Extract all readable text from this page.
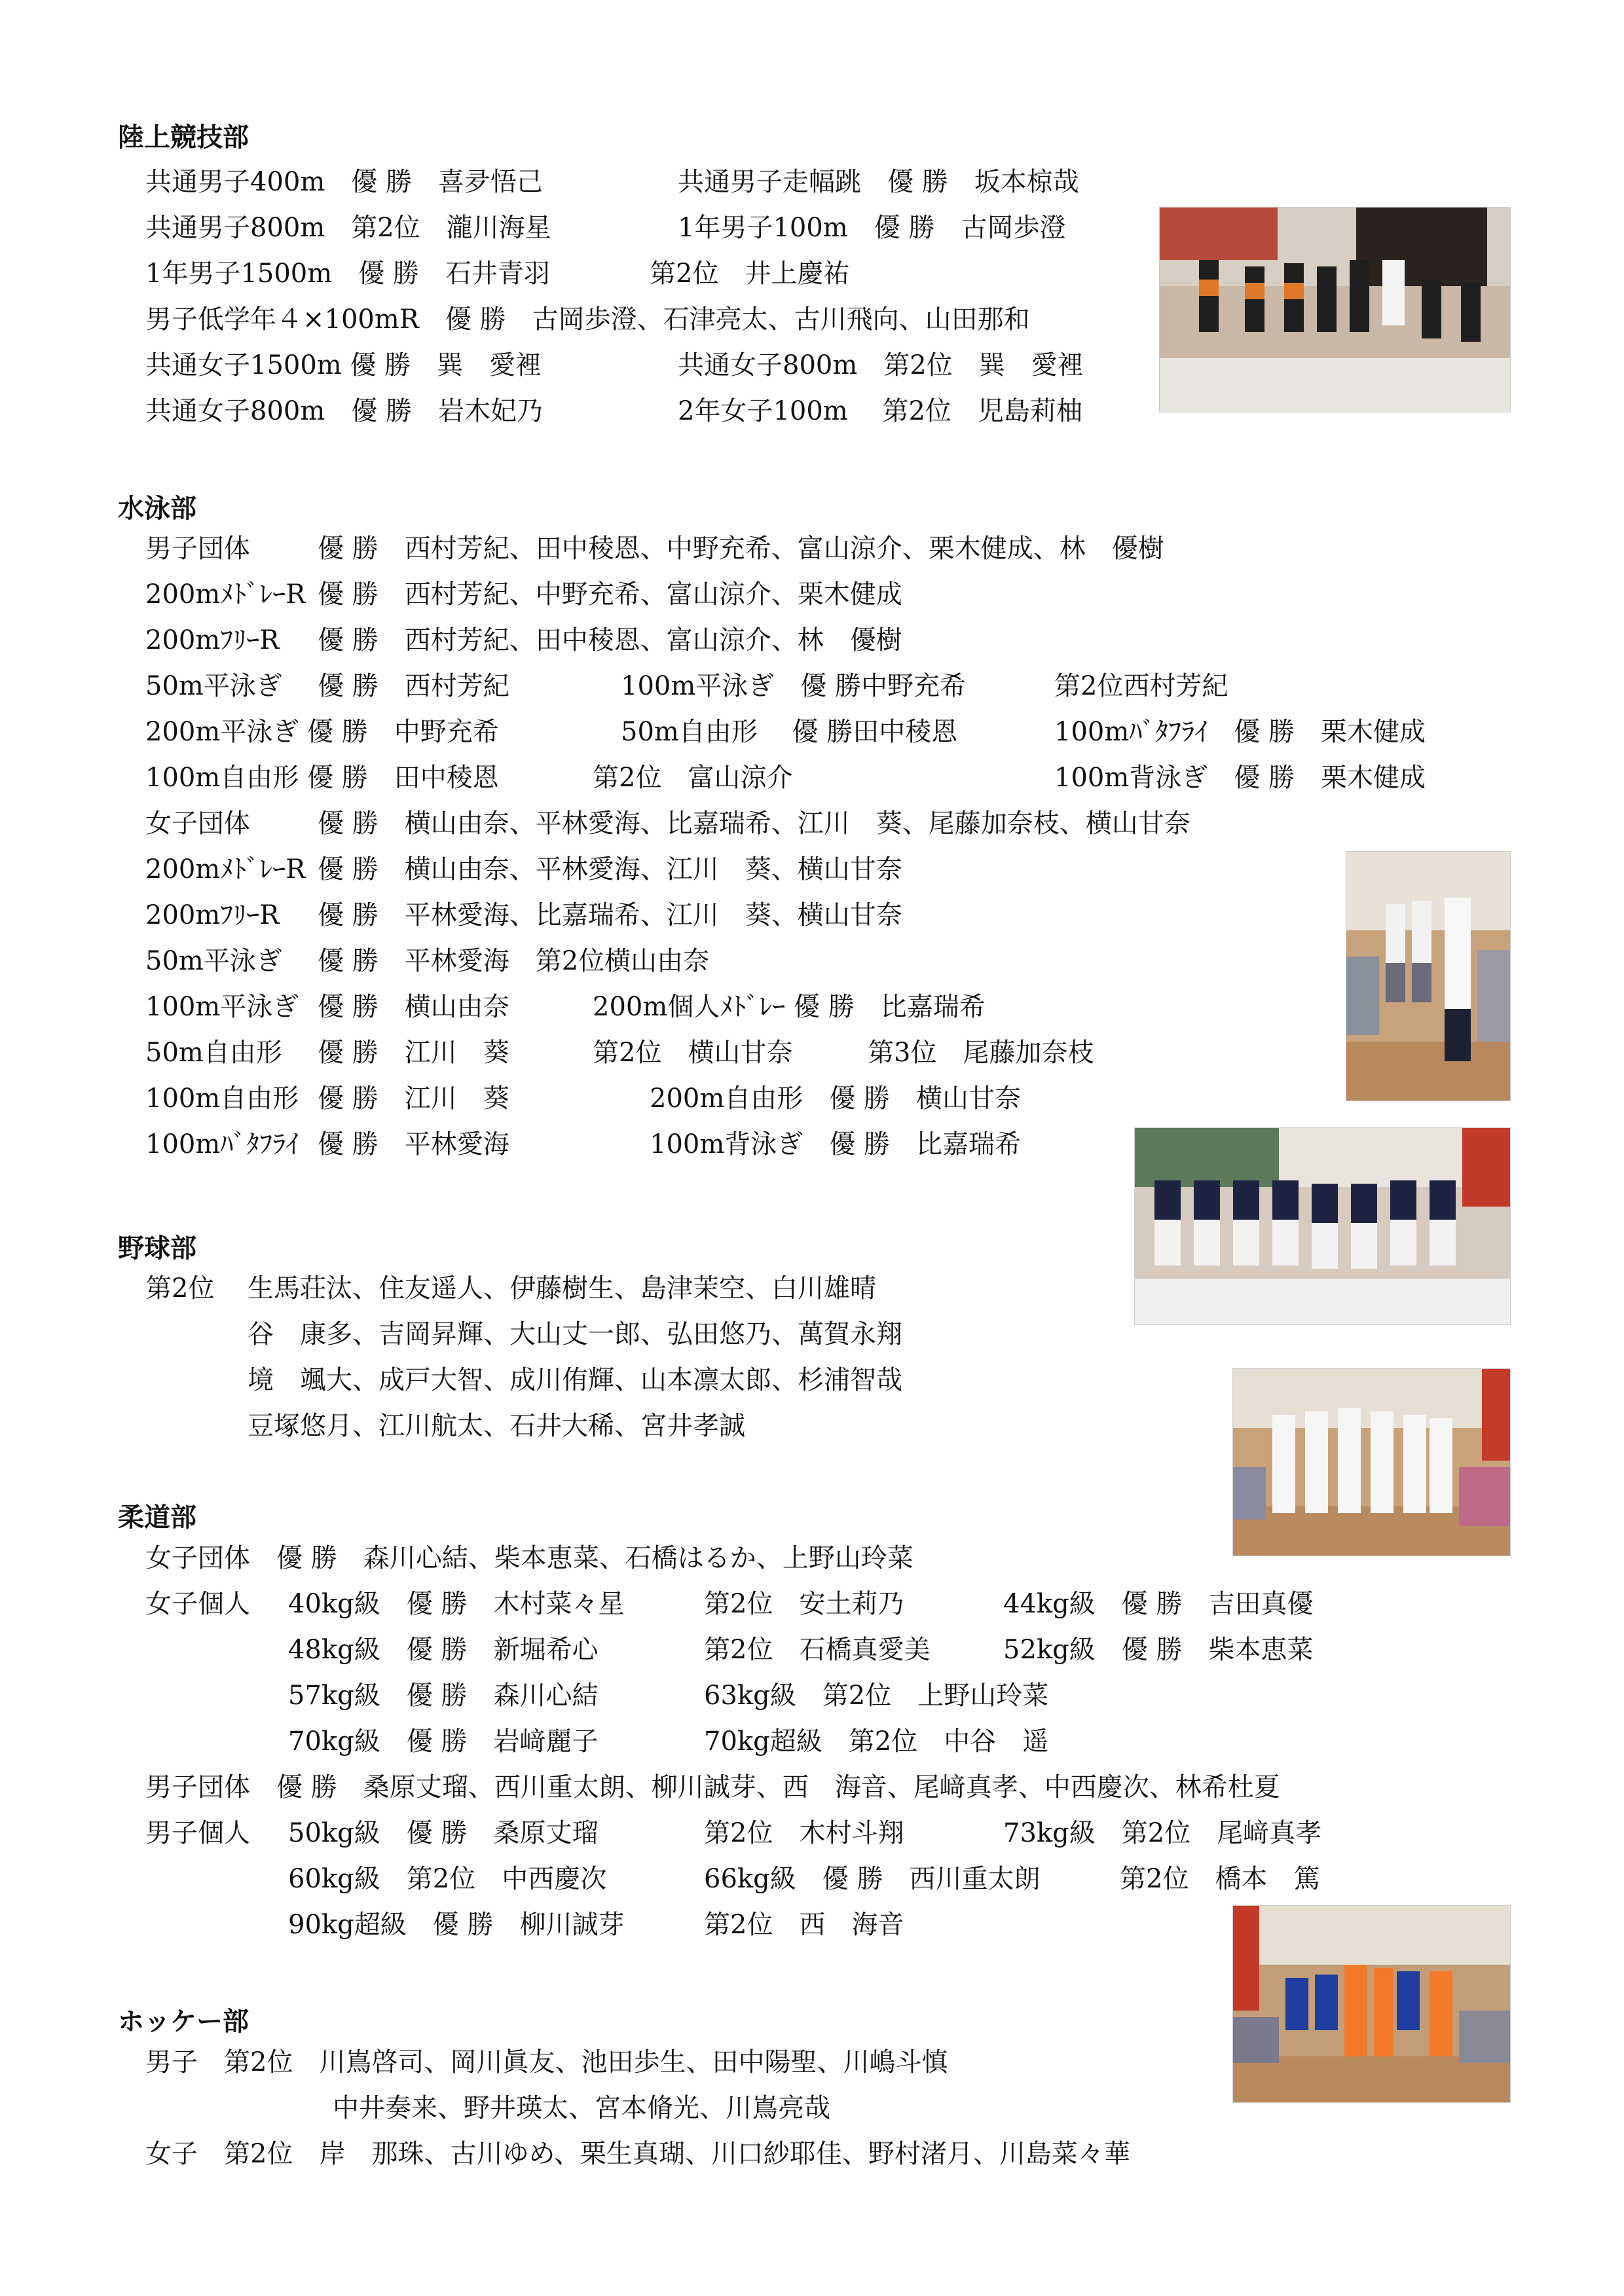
陸上競技部
共通男子400m　優 勝　喜夛悟己	共通男子走幅跳　優 勝　坂本椋哉
共通男子800m　第2位　瀧川海星	1年男子100m　優 勝　古岡歩澄
1年男子1500m　優 勝　石井青羽	第2位　井上慶祐
男子低学年４×100mR　優 勝　古岡歩澄、石津亮太、古川飛向、山田那和
共通女子1500m 優 勝　巽　愛裡	共通女子800m　第2位　巽　愛裡
共通女子800m　優 勝　岩木妃乃	2年女子100m　 第2位　児島莉柚
水泳部
男子団体	優 勝　西村芳紀、田中稜恩、中野充希、富山涼介、栗木健成、林　優樹
200mﾒﾄﾞﾚｰR 優 勝　西村芳紀、中野充希、富山涼介、栗木健成
200mﾌﾘｰR 優 勝　西村芳紀、田中稜恩、富山涼介、林　優樹
50m平泳ぎ 優 勝　西村芳紀	100m平泳ぎ　優 勝中野充希	第2位西村芳紀
200m平泳ぎ 優 勝　中野充希	50m自由形　 優 勝田中稜恩	100mﾊﾞﾀﾌﾗｲ　優 勝　栗木健成
100m自由形 優 勝　田中稜恩	第2位　富山涼介	100m背泳ぎ　優 勝　栗木健成
女子団体	優 勝　横山由奈、平林愛海、比嘉瑞希、江川　葵、尾藤加奈枝、横山甘奈
200mﾒﾄﾞﾚｰR 優 勝　横山由奈、平林愛海、江川　葵、横山甘奈
200mﾌﾘｰR 優 勝　平林愛海、比嘉瑞希、江川　葵、横山甘奈
50m平泳ぎ 優 勝　平林愛海　第2位横山由奈
100m平泳ぎ 優 勝　横山由奈	200m個人ﾒﾄﾞﾚｰ 優 勝　比嘉瑞希
50m自由形 優 勝　江川　葵	第2位　横山甘奈	第3位　尾藤加奈枝
100m自由形 優 勝　江川　葵	200m自由形　優 勝　横山甘奈
100mﾊﾞﾀﾌﾗｲ 優 勝　平林愛海	100m背泳ぎ　優 勝　比嘉瑞希
野球部
第2位 生馬荘汰、住友遥人、伊藤樹生、島津茉空、白川雄晴
谷　康多、吉岡昇輝、大山丈一郎、弘田悠乃、萬賀永翔
境　颯大、成戸大智、成川侑輝、山本凛太郎、杉浦智哉
豆塚悠月、江川航太、石井大稀、宮井孝誠
柔道部
女子団体　優 勝　森川心結、柴本恵菜、石橋はるか、上野山玲菜
女子個人 40kg級　優 勝　木村菜々星	第2位　安土莉乃	44kg級　優 勝　吉田真優
48kg級　優 勝　新堀希心	第2位　石橋真愛美	52kg級　優 勝　柴本恵菜
57kg級　優 勝　森川心結	63kg級　第2位　上野山玲菜
70kg級　優 勝　岩﨑麗子	70kg超級　第2位　中谷　遥
男子団体　優 勝　桑原丈瑠、西川重太朗、柳川誠芽、西　海音、尾﨑真孝、中西慶次、林希杜夏
男子個人 50kg級　優 勝　桑原丈瑠	第2位　木村斗翔	73kg級　第2位　尾﨑真孝
60kg級　第2位　中西慶次	66kg級　優 勝　西川重太朗	第2位　橋本　篤
90kg超級　優 勝　柳川誠芽	第2位　西　海音
ホッケー部
男子　第2位　川嶌啓司、岡川眞友、池田歩生、田中陽聖、川嶋斗慎
中井奏来、野井瑛太、宮本脩光、川嶌亮哉
女子　第2位　岸　那珠、古川ゆめ、栗生真瑚、川口紗耶佳、野村渚月、川島菜々華
